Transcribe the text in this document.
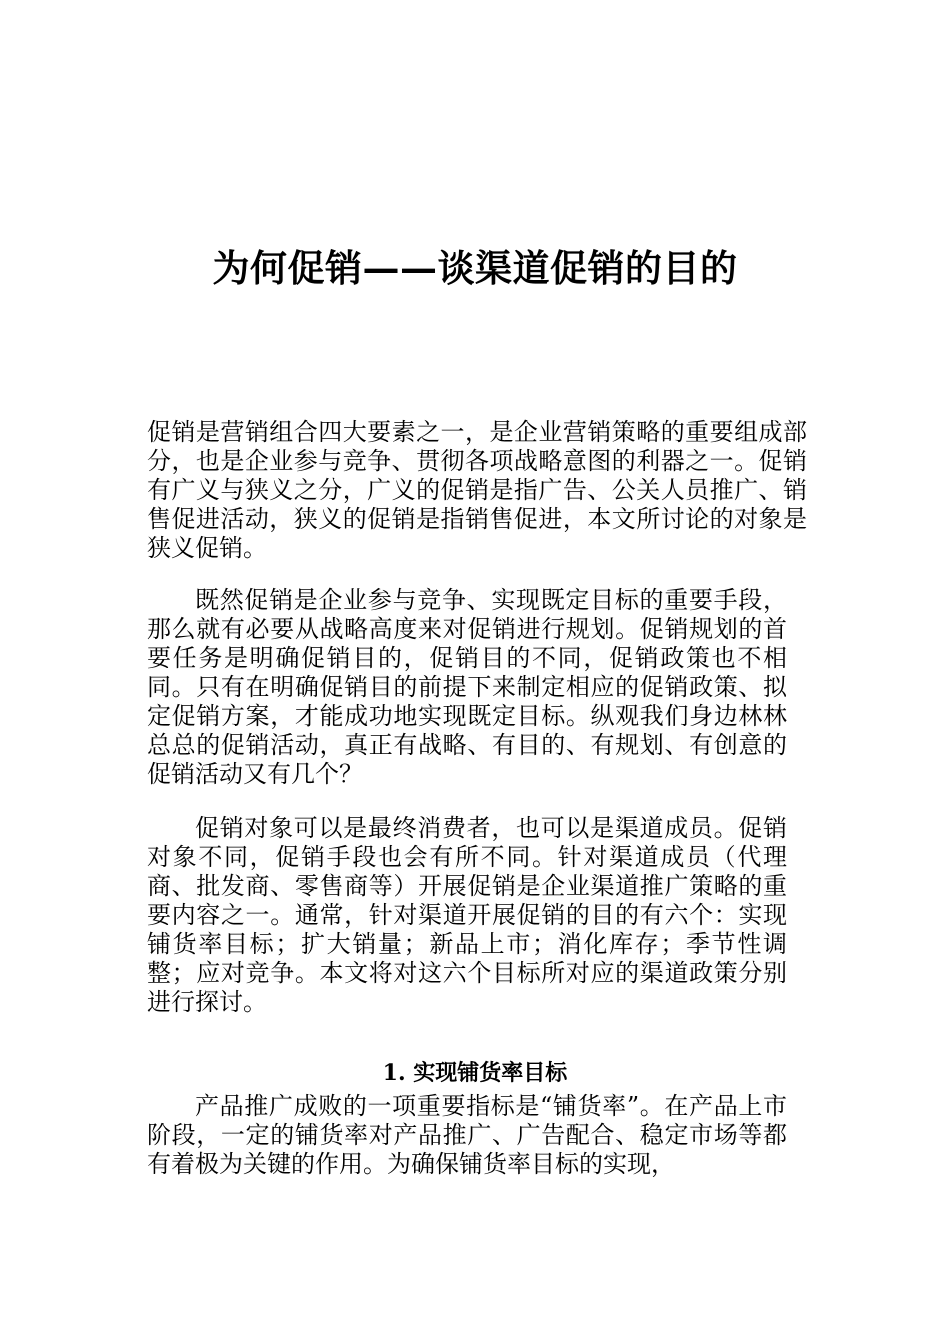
为何促销——谈渠道促销的目的

促销是营销组合四大要素之一，是企业营销策略的重要组成部分，也是企业参与竞争、贯彻各项战略意图的利器之一。促销有广义与狭义之分，广义的促销是指广告、公关人员推广、销售促进活动，狭义的促销是指销售促进，本文所讨论的对象是狭义促销。

既然促销是企业参与竞争、实现既定目标的重要手段，那么就有必要从战略高度来对促销进行规划。促销规划的首要任务是明确促销目的，促销目的不同，促销政策也不相同。只有在明确促销目的前提下来制定相应的促销政策、拟定促销方案，才能成功地实现既定目标。纵观我们身边林林总总的促销活动，真正有战略、有目的、有规划、有创意的促销活动又有几个？

促销对象可以是最终消费者，也可以是渠道成员。促销对象不同，促销手段也会有所不同。针对渠道成员（代理商、批发商、零售商等）开展促销是企业渠道推广策略的重要内容之一。通常，针对渠道开展促销的目的有六个：实现铺货率目标；扩大销量；新品上市；消化库存；季节性调整；应对竞争。本文将对这六个目标所对应的渠道政策分别进行探讨。

1. 实现铺货率目标

产品推广成败的一项重要指标是“铺货率”。在产品上市阶段，一定的铺货率对产品推广、广告配合、稳定市场等都有着极为关键的作用。为确保铺货率目标的实现，
